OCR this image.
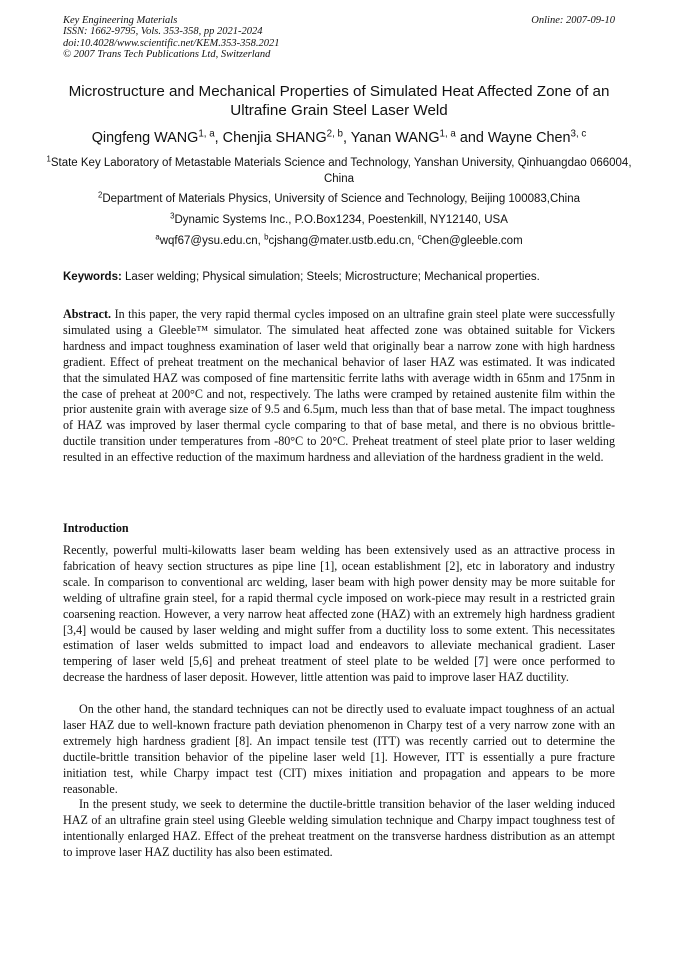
Key Engineering Materials
ISSN: 1662-9795, Vols. 353-358, pp 2021-2024
doi:10.4028/www.scientific.net/KEM.353-358.2021
© 2007 Trans Tech Publications Ltd, Switzerland
Online: 2007-09-10
Microstructure and Mechanical Properties of Simulated Heat Affected Zone of an Ultrafine Grain Steel Laser Weld
Qingfeng WANG$^{1, a}$, Chenjia SHANG$^{2, b}$, Yanan WANG$^{1, a}$ and Wayne Chen$^{3, c}$
$^1$State Key Laboratory of Metastable Materials Science and Technology, Yanshan University, Qinhuangdao 066004, China
$^2$Department of Materials Physics, University of Science and Technology, Beijing 100083,China
$^3$Dynamic Systems Inc., P.O.Box1234, Poestenkill, NY12140, USA
$^a$wqf67@ysu.edu.cn, $^b$cjshang@mater.ustb.edu.cn, $^c$Chen@gleeble.com
Keywords: Laser welding; Physical simulation; Steels; Microstructure; Mechanical properties.
Abstract. In this paper, the very rapid thermal cycles imposed on an ultrafine grain steel plate were successfully simulated using a Gleeble™ simulator. The simulated heat affected zone was obtained suitable for Vickers hardness and impact toughness examination of laser weld that originally bear a narrow zone with high hardness gradient. Effect of preheat treatment on the mechanical behavior of laser HAZ was estimated. It was indicated that the simulated HAZ was composed of fine martensitic ferrite laths with average width in 65nm and 175nm in the case of preheat at 200°C and not, respectively. The laths were cramped by retained austenite film within the prior austenite grain with average size of 9.5 and 6.5μm, much less than that of base metal. The impact toughness of HAZ was improved by laser thermal cycle comparing to that of base metal, and there is no obvious brittle-ductile transition under temperatures from -80°C to 20°C. Preheat treatment of steel plate prior to laser welding resulted in an effective reduction of the maximum hardness and alleviation of the hardness gradient in the weld.
Introduction
Recently, powerful multi-kilowatts laser beam welding has been extensively used as an attractive process in fabrication of heavy section structures as pipe line [1], ocean establishment [2], etc in laboratory and industry scale. In comparison to conventional arc welding, laser beam with high power density may be more suitable for welding of ultrafine grain steel, for a rapid thermal cycle imposed on work-piece may result in a restricted grain coarsening reaction. However, a very narrow heat affected zone (HAZ) with an extremely high hardness gradient [3,4] would be caused by laser welding and might suffer from a ductility loss to some extent. This necessitates estimation of laser welds submitted to impact load and endeavors to alleviate mechanical gradient. Laser tempering of laser weld [5,6] and preheat treatment of steel plate to be welded [7] were once performed to decrease the hardness of laser deposit. However, little attention was paid to improve laser HAZ ductility.
On the other hand, the standard techniques can not be directly used to evaluate impact toughness of an actual laser HAZ due to well-known fracture path deviation phenomenon in Charpy test of a very narrow zone with an extremely high hardness gradient [8]. An impact tensile test (ITT) was recently carried out to determine the ductile-brittle transition behavior of the pipeline laser weld [1]. However, ITT is essentially a pure fracture initiation test, while Charpy impact test (CIT) mixes initiation and propagation and appears to be more reasonable.
In the present study, we seek to determine the ductile-brittle transition behavior of the laser welding induced HAZ of an ultrafine grain steel using Gleeble welding simulation technique and Charpy impact toughness test of intentionally enlarged HAZ. Effect of the preheat treatment on the transverse hardness distribution as an attempt to improve laser HAZ ductility has also been estimated.
